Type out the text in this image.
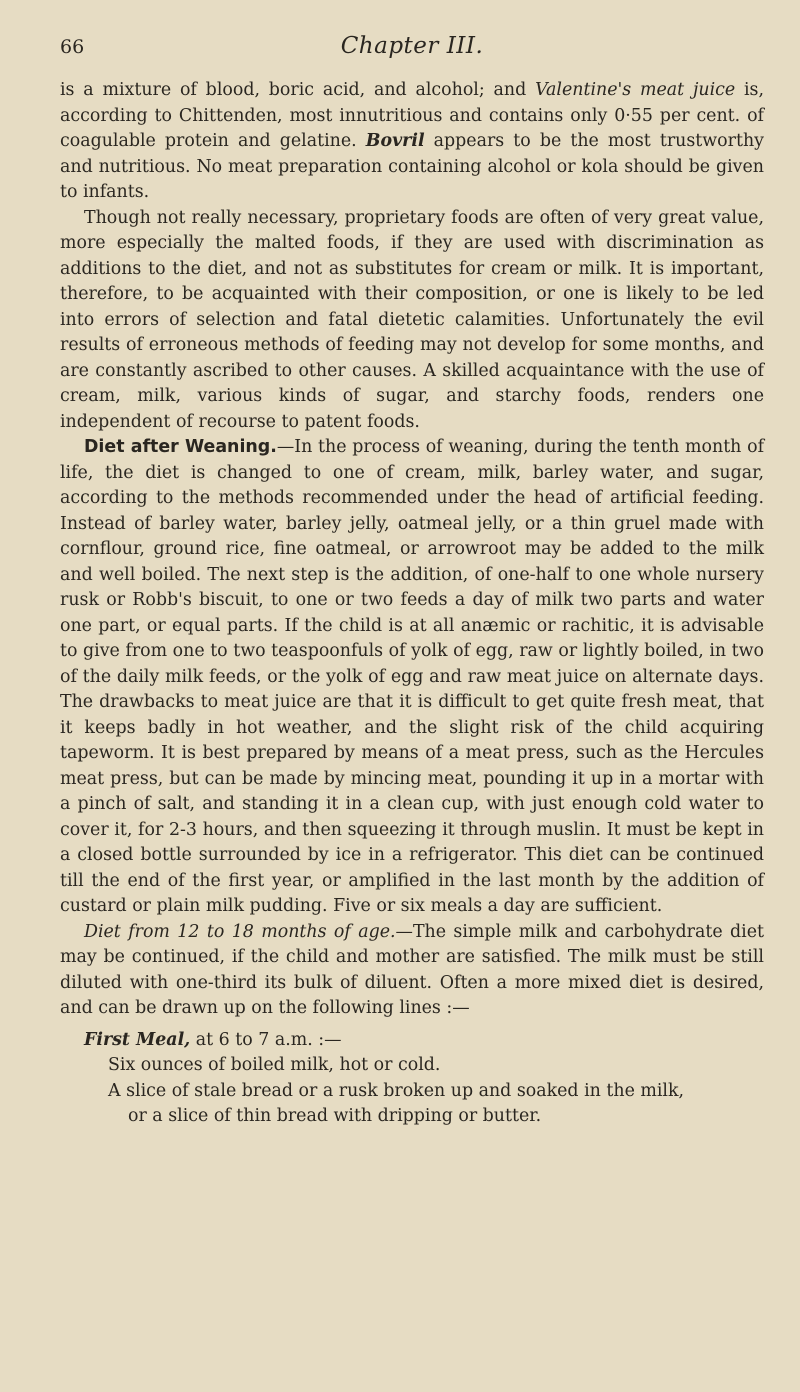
66	Chapter III.

is a mixture of blood, boric acid, and alcohol; and Valentine's meat juice is, according to Chittenden, most innutritious and contains only 0·55 per cent. of coagulable protein and gelatine. Bovril appears to be the most trustworthy and nutritious. No meat preparation containing alcohol or kola should be given to infants.

Though not really necessary, proprietary foods are often of very great value, more especially the malted foods, if they are used with discrimination as additions to the diet, and not as substitutes for cream or milk. It is important, therefore, to be acquainted with their composition, or one is likely to be led into errors of selection and fatal dietetic calamities. Unfortunately the evil results of erroneous methods of feeding may not develop for some months, and are constantly ascribed to other causes. A skilled acquaintance with the use of cream, milk, various kinds of sugar, and starchy foods, renders one independent of recourse to patent foods.

Diet after Weaning.—In the process of weaning, during the tenth month of life, the diet is changed to one of cream, milk, barley water, and sugar, according to the methods recommended under the head of artificial feeding. Instead of barley water, barley jelly, oatmeal jelly, or a thin gruel made with cornflour, ground rice, fine oatmeal, or arrowroot may be added to the milk and well boiled. The next step is the addition, of one-half to one whole nursery rusk or Robb's biscuit, to one or two feeds a day of milk two parts and water one part, or equal parts. If the child is at all anæmic or rachitic, it is advisable to give from one to two teaspoonfuls of yolk of egg, raw or lightly boiled, in two of the daily milk feeds, or the yolk of egg and raw meat juice on alternate days. The drawbacks to meat juice are that it is difficult to get quite fresh meat, that it keeps badly in hot weather, and the slight risk of the child acquiring tapeworm. It is best prepared by means of a meat press, such as the Hercules meat press, but can be made by mincing meat, pounding it up in a mortar with a pinch of salt, and standing it in a clean cup, with just enough cold water to cover it, for 2-3 hours, and then squeezing it through muslin. It must be kept in a closed bottle surrounded by ice in a refrigerator. This diet can be continued till the end of the first year, or amplified in the last month by the addition of custard or plain milk pudding. Five or six meals a day are sufficient.

Diet from 12 to 18 months of age.—The simple milk and carbohydrate diet may be continued, if the child and mother are satisfied. The milk must be still diluted with one-third its bulk of diluent. Often a more mixed diet is desired, and can be drawn up on the following lines :—

First Meal, at 6 to 7 a.m. :—
Six ounces of boiled milk, hot or cold.
A slice of stale bread or a rusk broken up and soaked in the milk,
or a slice of thin bread with dripping or butter.
